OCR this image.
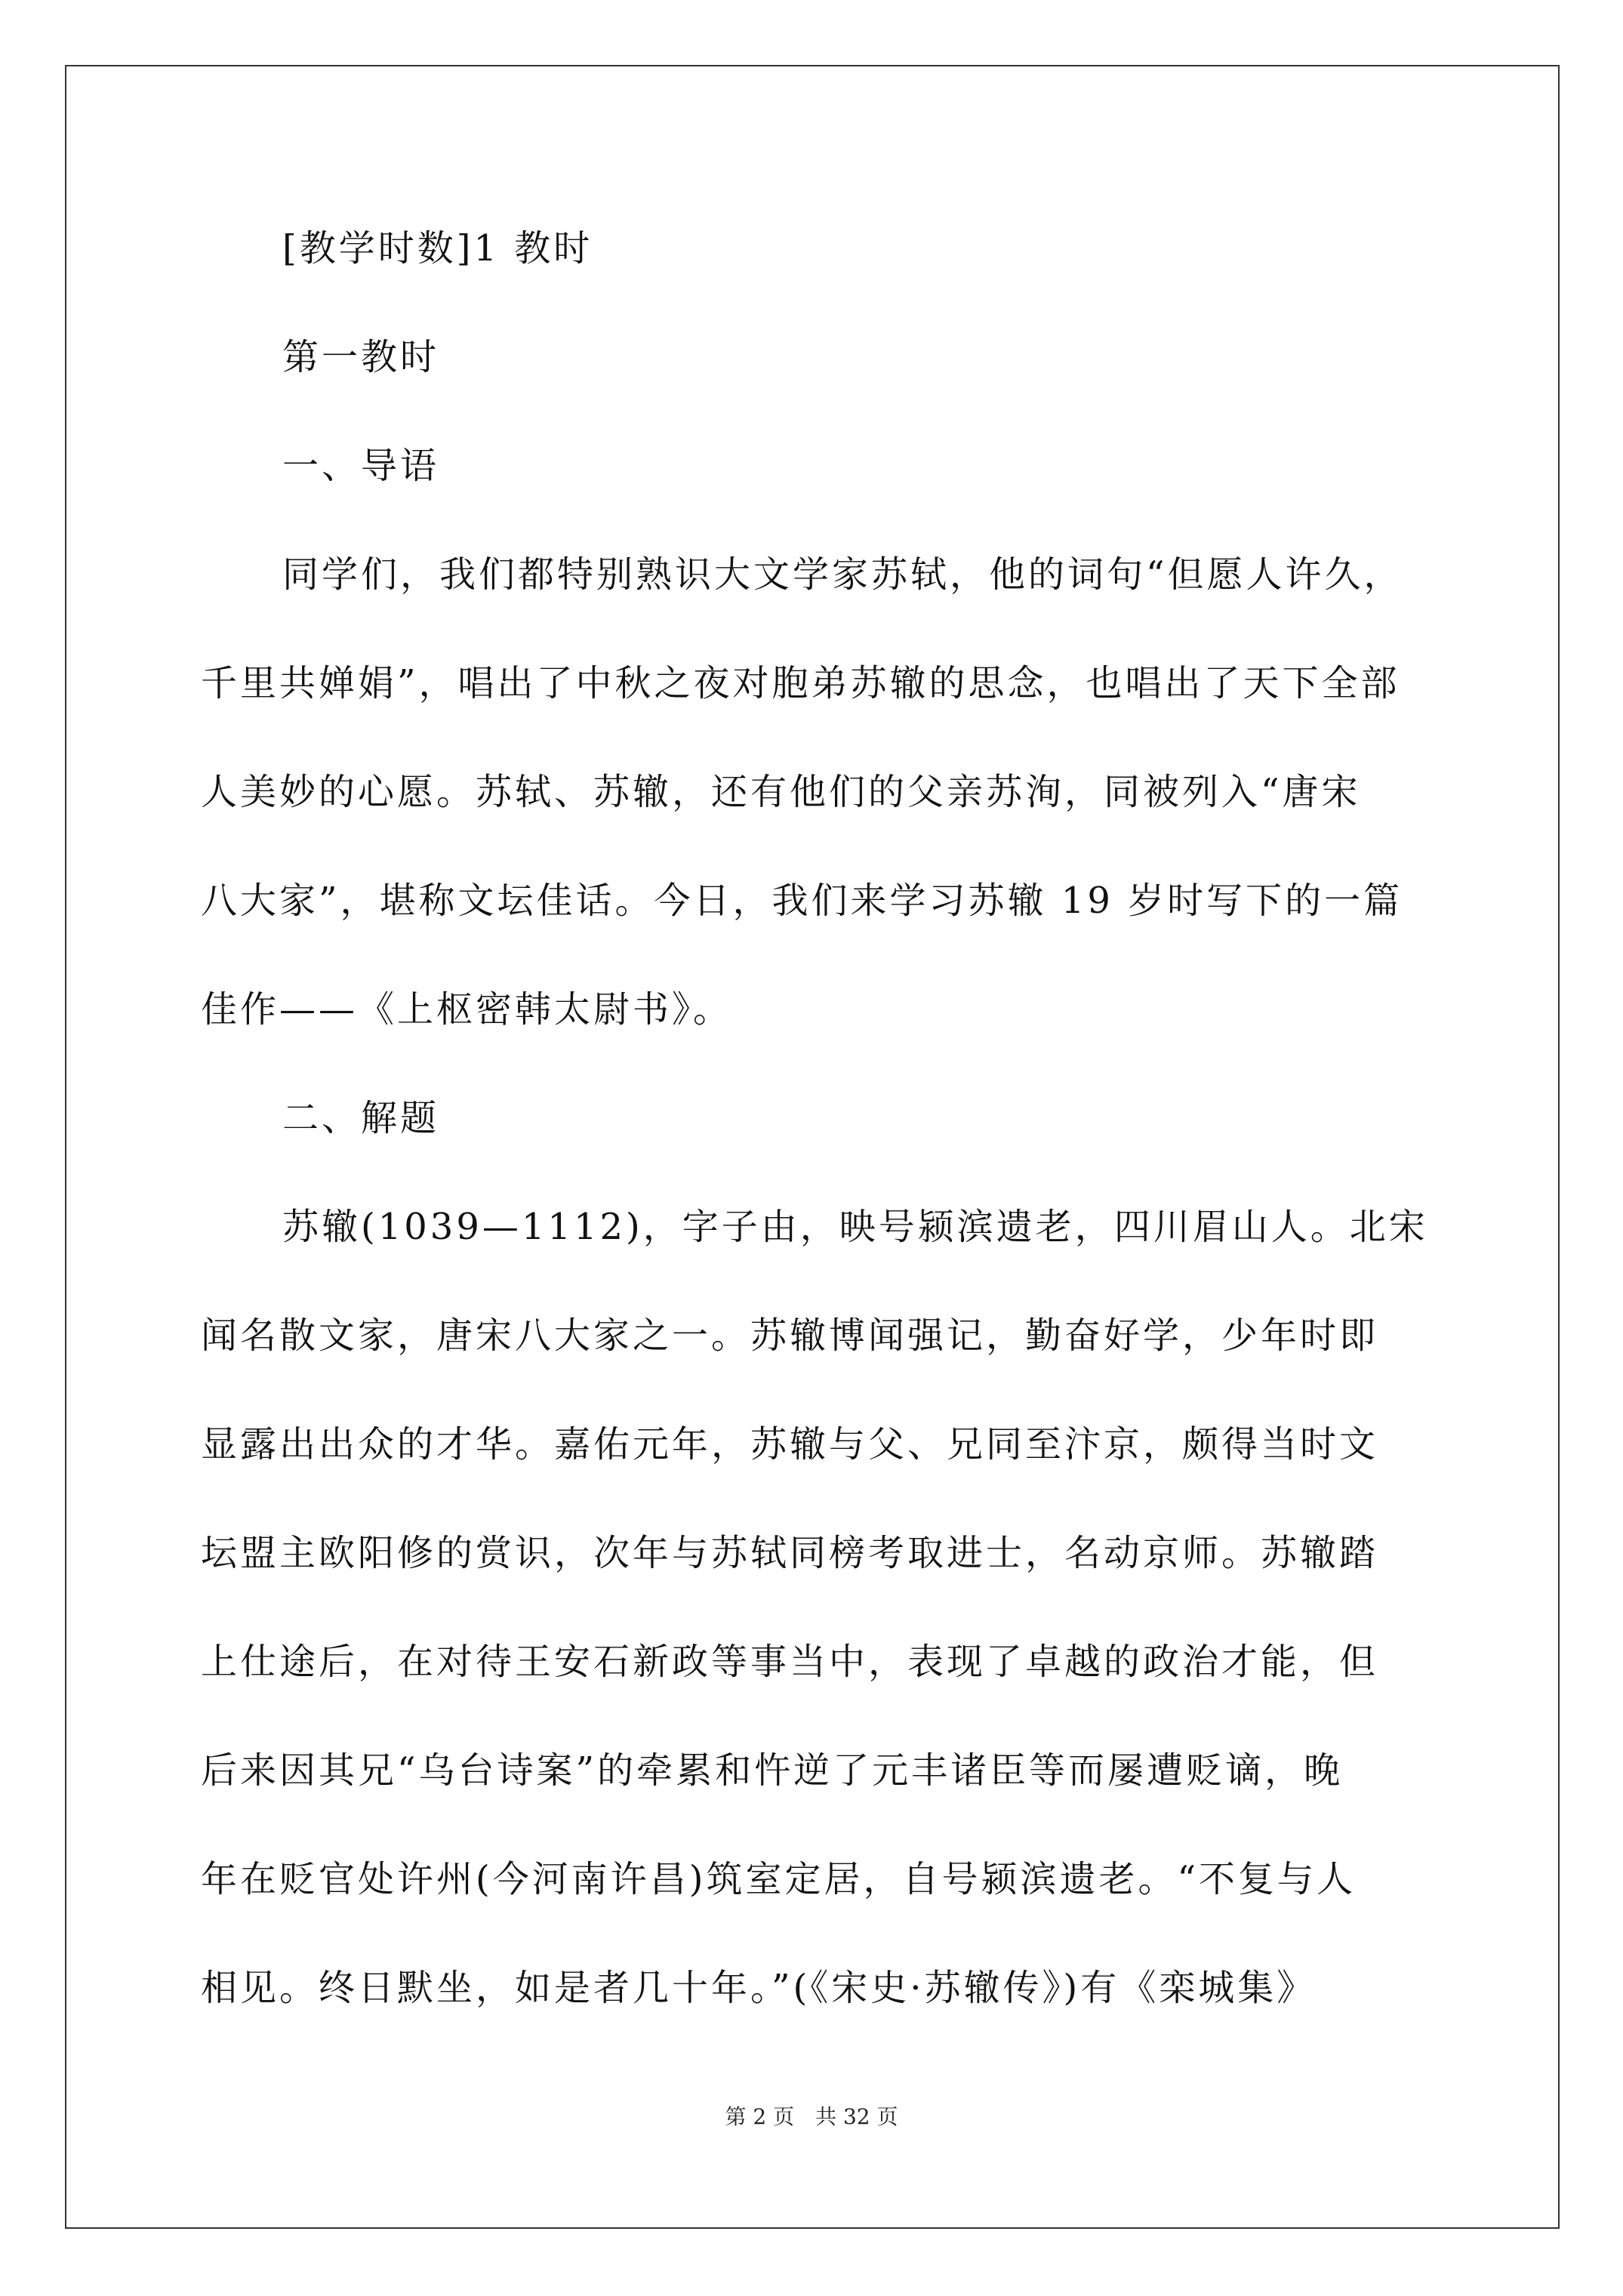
[教学时数]1 教时
第一教时
一、导语
同学们，我们都特别熟识大文学家苏轼，他的词句“但愿人许久，
千里共婵娟”，唱出了中秋之夜对胞弟苏辙的思念，也唱出了天下全部
人美妙的心愿。苏轼、苏辙，还有他们的父亲苏洵，同被列入“唐宋
八大家”，堪称文坛佳话。今日，我们来学习苏辙 19 岁时写下的一篇
佳作——《上枢密韩太尉书》。
二、解题
苏辙(1039—1112)，字子由，映号颍滨遗老，四川眉山人。北宋
闻名散文家，唐宋八大家之一。苏辙博闻强记，勤奋好学，少年时即
显露出出众的才华。嘉佑元年，苏辙与父、兄同至汴京，颇得当时文
坛盟主欧阳修的赏识，次年与苏轼同榜考取进士，名动京师。苏辙踏
上仕途后，在对待王安石新政等事当中，表现了卓越的政治才能，但
后来因其兄“乌台诗案”的牵累和忤逆了元丰诸臣等而屡遭贬谪，晚
年在贬官处许州(今河南许昌)筑室定居，自号颍滨遗老。“不复与人
相见。终日默坐，如是者几十年。”(《宋史·苏辙传》)有《栾城集》
第 2 页　共 32 页
